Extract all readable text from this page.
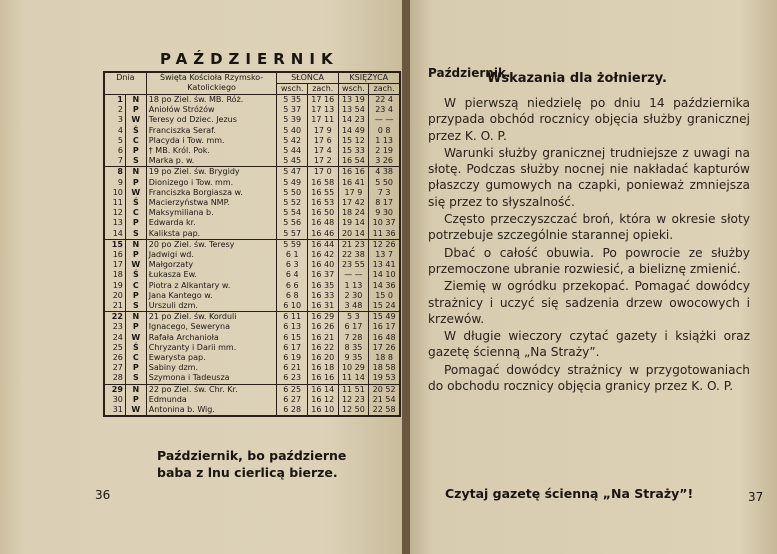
PAŹDZIERNIK
Dnia		Święta Kościoła Rzymsko-Katolickiego	SŁOŃCA		KSIĘŻYCA	
			wsch.	zach.	wsch.	zach.
1	N	18 po Ziel. św. MB. Róż.	5 35	17 16	13 19	22 4
2	P	Aniołów Stróżów	5 37	17 13	13 54	23 4
3	W	Teresy od Dziec. Jezus	5 39	17 11	14 23	— —
4	Ś	Franciszka Seraf.	5 40	17 9	14 49	0 8
5	C	Placyda i Tow. mm.	5 42	17 6	15 12	1 13
6	P	† MB. Król. Pok.	5 44	17 4	15 33	2 19
7	S	Marka p. w.	5 45	17 2	16 54	3 26
8	N	19 po Ziel. św. Brygidy	5 47	17 0	16 16	4 38
9	P	Dionizego i Tow. mm.	5 49	16 58	16 41	5 50
10	W	Franciszka Borgiasza w.	5 50	16 55	17 9	7 3
11	Ś	Macierzyństwa NMP.	5 52	16 53	17 42	8 17
12	C	Maksymiliana b.	5 54	16 50	18 24	9 30
13	P	Edwarda kr.	5 56	16 48	19 14	10 37
14	S	Kaliksta pap.	5 57	16 46	20 14	11 36
15	N	20 po Ziel. św. Teresy	5 59	16 44	21 23	12 26
16	P	Jadwigi wd.	6 1	16 42	22 38	13 7
17	W	Małgorzaty	6 3	16 40	23 55	13 41
18	Ś	Łukasza Ew.	6 4	16 37	— —	14 10
19	C	Piotra z Alkantary w.	6 6	16 35	1 13	14 36
20	P	Jana Kantego w.	6 8	16 33	2 30	15 0
21	S	Urszuli dzm.	6 10	16 31	3 48	15 24
22	N	21 po Ziel. św. Korduli	6 11	16 29	5 3	15 49
23	P	Ignacego, Seweryna	6 13	16 26	6 17	16 17
24	W	Rafała Archanioła	6 15	16 21	7 28	16 48
25	Ś	Chryzanty i Darii mm.	6 17	16 22	8 35	17 26
26	C	Ewarysta pap.	6 19	16 20	9 35	18 8
27	P	Sabiny dzm.	6 21	16 18	10 29	18 58
28	S	Szymona i Tadeusza	6 23	16 16	11 14	19 53
29	N	22 po Ziel. św. Chr. Kr.	6 25	16 14	11 51	20 52
30	P	Edmunda	6 27	16 12	12 23	21 54
31	W	Antonina b. Wig.	6 28	16 10	12 50	22 58
Październik, bo październe baba z lnu cierlicą bierze.
36
Październik.
Wskazania dla żołnierzy.

W pierwszą niedzielę po dniu 14 października przypada obchód rocznicy objęcia służby granicznej przez K. O. P.

Warunki służby granicznej trudniejsze z uwagi na słotę. Podczas służby nocnej nie nakładać kapturów płaszczy gumowych na czapki, ponieważ zmniejsza się przez to słyszalność.

Często przeczyszczać broń, która w okresie słoty potrzebuje szczególnie starannej opieki.

Dbać o całość obuwia. Po powrocie ze służby przemoczone ubranie rozwiesić, a bieliznę zmienić.

Ziemię w ogródku przekopać. Pomagać dowódcy strażnicy i uczyć się sadzenia drzew owocowych i krzewów.

W długie wieczory czytać gazety i książki oraz gazetę ścienną „Na Straży”.

Pomagać dowódcy strażnicy w przygotowaniach do obchodu rocznicy objęcia granicy przez K. O. P.

Czytaj gazetę ścienną „Na Straży”!	37
